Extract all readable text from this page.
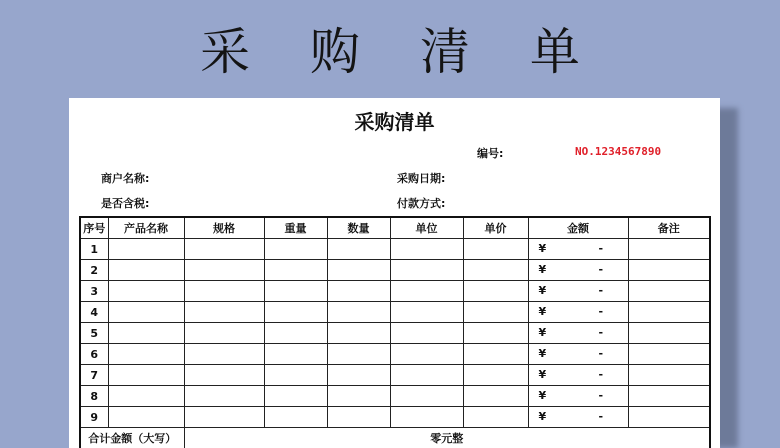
采 购 清 单
采购清单
编号:	NO.1234567890
商户名称:	采购日期:
是否含税:	付款方式:
序号	产品名称	规格	重量	数量	单位	单价	金额	备注
1							¥ -	

2							¥ -	

3							¥ -	

4							¥ -	

5							¥ -	

6							¥ -	

7							¥ -	

8							¥ -	

9							¥ -	

合计金额（大写）		零元整						
